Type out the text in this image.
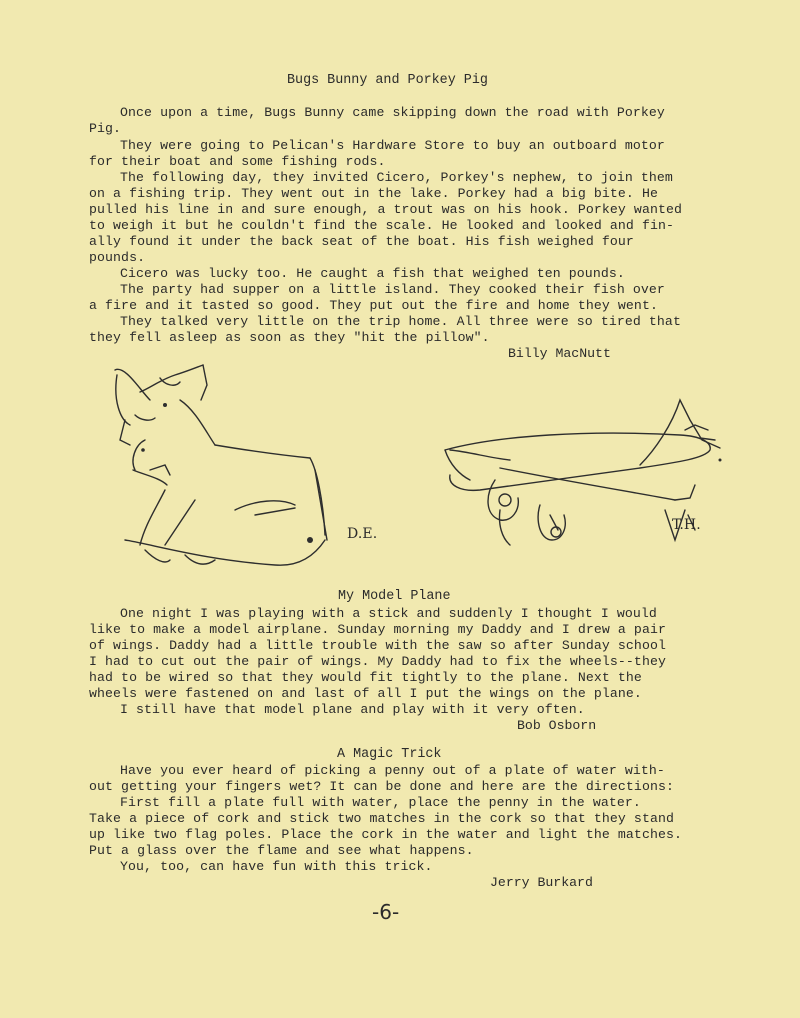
Bugs Bunny and Porkey Pig
Once upon a time, Bugs Bunny came skipping down the road with Porkey
Pig.
They were going to Pelican's Hardware Store to buy an outboard motor
for their boat and some fishing rods.
The following day, they invited Cicero, Porkey's nephew, to join them
on a fishing trip. They went out in the lake. Porkey had a big bite. He
pulled his line in and sure enough, a trout was on his hook. Porkey wanted
to weigh it but he couldn't find the scale. He looked and looked and fin-
ally found it under the back seat of the boat. His fish weighed four
pounds.
Cicero was lucky too. He caught a fish that weighed ten pounds.
The party had supper on a little island. They cooked their fish over
a fire and it tasted so good. They put out the fire and home they went.
They talked very little on the trip home. All three were so tired that
they fell asleep as soon as they "hit the pillow".
Billy MacNutt
D.E.
T.H.
My Model Plane
One night I was playing with a stick and suddenly I thought I would
like to make a model airplane. Sunday morning my Daddy and I drew a pair
of wings. Daddy had a little trouble with the saw so after Sunday school
I had to cut out the pair of wings. My Daddy had to fix the wheels--they
had to be wired so that they would fit tightly to the plane. Next the
wheels were fastened on and last of all I put the wings on the plane.
I still have that model plane and play with it very often.
Bob Osborn
A Magic Trick
Have you ever heard of picking a penny out of a plate of water with-
out getting your fingers wet? It can be done and here are the directions:
First fill a plate full with water, place the penny in the water.
Take a piece of cork and stick two matches in the cork so that they stand
up like two flag poles. Place the cork in the water and light the matches.
Put a glass over the flame and see what happens.
You, too, can have fun with this trick.
Jerry Burkard
-6-
